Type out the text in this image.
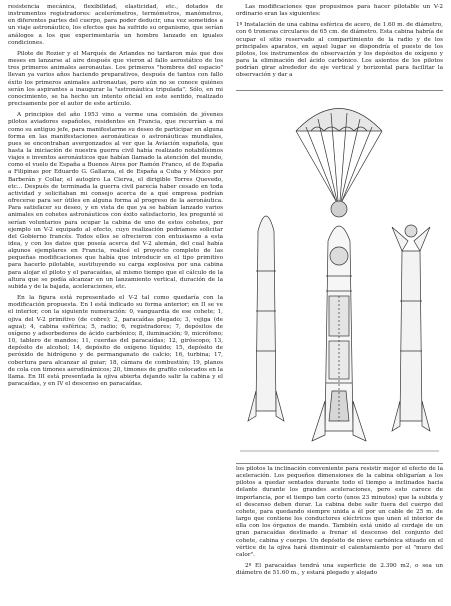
resistencia mecánica, flexibilidad, elasticidad, etc., dotados de instrumentos registradores: acelerómetros, termómetros, manómetros, en diferentes partes del cuerpo, para poder deducir, una vez sometidos a un viaje astronáutico, los efectos que ha sufrido su organismo, que serían análogos a los que experimentaría un hombre lanzado en iguales condiciones.

Pilote de Rozier y el Marqués de Arlandes no tardaron más que dos meses en lanzarse al aire después que vieron al fallo aerostático de los tres primeros animales aeronautas. Los primeros "hombres del espacio" llevan ya varios años haciendo preparativos, después de tantos con fallo éxito los primeros animales astronautas, pero aún no se conoce quiénes serán los aspirantes a inaugurar la "astronáutica tripulada". Sólo, en mi conocimiento, se ha hecho un intento oficial en este sentido, realizado precisamente por el autor de este artículo.

A principios del año 1953 vino a verme una comisión de jóvenes pilotos aviadores españoles, residentes en Francia, que recurrían a mí como su antiguo jefe, para manifestarme su deseo de participar en alguna forma en las manifestaciones aeronáuticas o astronáuticas mundiales, pues se encontraban avergonzados al ver que la Aviación española, que hasta la iniciación de nuestra guerra civil había realizado notabilísimos viajes e inventos aeronáuticos que habían llamado la atención del mundo, como el vuelo de España a Buenos Aires por Ramón Franco, el de España a Filipinas por Eduardo G. Gallarza, el de España a Cuba y México por Barberán y Collar, el autogiro La Cierva, el dirigible Torres Quevedo, etc... Después de terminada la guerra civil parecía haber cesado en toda actividad y solicitaban mi consejo acerca de a qué empresa podrían ofrecerse para ser útiles en alguna forma al progreso de la aeronáutica. Para satisfacer su deseo, y en vista de que ya se habían lanzado varios animales en cohetes astronáuticos con éxito satisfactorio, les pregunté si serían voluntarios para ocupar la cabina de uno de estos cohetes, por ejemplo un V-2 equipado al efecto, cuyo realización podríamos solicitar del Gobierno francés. Todos ellos se ofrecieron con entusiasmo a esta idea, y con los datos que poseía acerca del V-2 alemán, del cual había algunos ejemplares en Francia, realicé el proyecto completo de las pequeñas modificaciones que había que introducir en el tipo primitivo para hacerlo pilotable, sustituyendo su carga explosiva por una cabina para alojar el piloto y el paracaídas, al mismo tiempo que el cálculo de la altura que se podía alcanzar en un lanzamiento vertical, duración de la subida y de la bajada, aceleraciones, etc.

En la figura está representado el V-2 tal como quedaría con la modificación propuesta. En I está indicado su forma anterior; en II se ve el interior, con la siguiente numeración: 0, vanguardia de ese cohete; 1, ojiva del V-2 primitivo (de cobre); 2, paracaídas plegado; 3, vejiga (de agua); 4, cabina esférica; 5, radio; 6, registradores; 7, depósitos de oxígeno y adsorbedores de ácido carbónico; 8, iluminación; 9, micrófono; 10, tablero de mandos; 11, cuerdas del paracaídas; 12, giróscopo; 13, depósito de alcohol; 14, depósito de oxígeno líquido; 15, depósito de peróxido de hidrógeno y de permanganato de calcio; 16, turbina; 17, cobertura para alcanzar al guiar; 18, cámara de combustión; 19, planos de cola con timones aerodinámicos; 20, timones de grafito colocados en la llama. En III está presentada la ojiva abierta dejando salir la cabina y el paracaídas, y en IV el descenso en paracaídas.

Las modificaciones que propusimos para hacer pilotable un V-2 ordinario eran las siguientes:

1º Instalación de una cabina esférica de acero, de 1.60 m. de diámetro, con 6 troneras circulares de 65 cm. de diámetro. Esta cabina habría de ocupar el sitio reservado al compartimiento de la radio y de los principales aparatos, en aquel lugar se dispondría el puesto de los pilotos, los instrumentos de observación y los depósitos de oxígeno y para la eliminación del ácido carbónico. Los asientos de los pilotos podrían girar alrededor de eje vertical y horizontal para facilitar la observación y dar a

los pilotos la inclinación conveniente para resistir mejor el efecto de la aceleración. Los pequeños dimensiones de la cabina obligarían a los pilotos a quedar sentados durante todo el tiempo a inclinados hacia delante durante los grandes aceleraciones, pero esto carece de importancia, por el tiempo tan corto (unos 23 minutos) que la subida y el descenso deben durar. La cabina debe salir fuera del cuerpo del cohete, para quedando siempre unida a él por un cable de 25 m. de largo que contiene los conductores eléctricos que unen el interior de ella con los órganos de mando. También está unido al cordaje de un gran paracaídas destinado a frenar el descenso del conjunto del cohete, cabina y cuerpo. Un depósito de nieve carbónica situado en el vértice de la ojiva hará disminuir el calentamiento por el "muro del calor".

2º El paracaídas tendrá una superficie de 2.390 m2, o sea un diámetro de 51.60 m., y estará plegado y alojado
